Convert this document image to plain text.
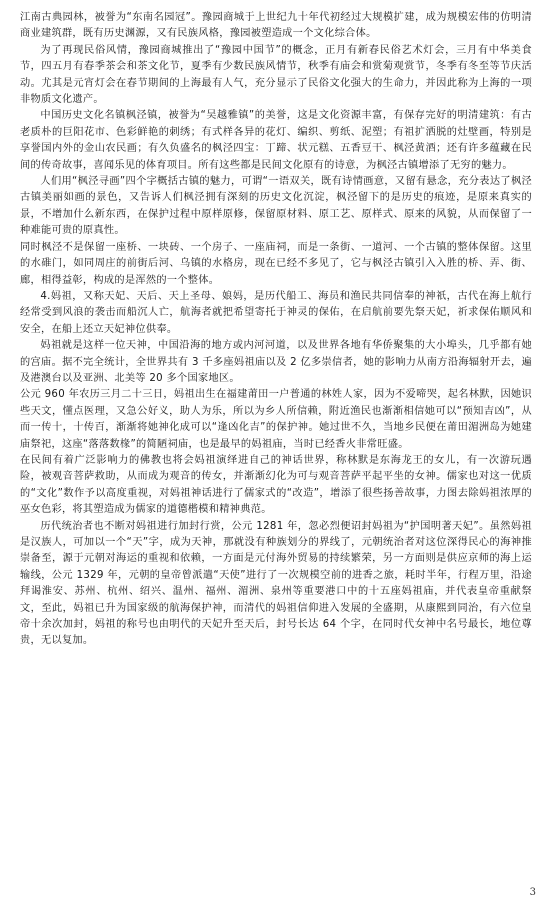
江南古典园林，被誉为“东南名园冠”。豫园商城于上世纪九十年代初经过大规模扩建，成为规模宏伟的仿明清商业建筑群，既有历史渊源，又有民族风格，豫园被塑造成一个文化综合体。

为了再现民俗风情，豫园商城推出了“豫园中国节”的概念，正月有新春民俗艺术灯会，三月有中华美食节，四五月有春季茶会和茶文化节，夏季有少数民族风情节，秋季有庙会和赏菊观赏节，冬季有冬至等节庆活动。尤其是元宵灯会在春节期间的上海最有人气，充分显示了民俗文化强大的生命力，并因此称为上海的一项非物质文化遗产。

中国历史文化名镇枫泾镇，被誉为“吴越雅镇”的美誉，这是文化资源丰富，有保存完好的明清建筑：有古老质朴的巨阳花市、色彩鲜艳的刺绣；有式样各异的花灯、编织、剪纸、泥塑；有祖扩洒脱的灶壁画，特别是享誉国内外的金山农民画；有久负盛名的枫泾四宝：丁蹄、状元糕、五香豆干、枫泾黄酒；还有许多蕴藏在民间的传奇故事，喜闻乐见的体育项目。所有这些都是民间文化原有的诗意，为枫泾古镇增添了无穷的魅力。

人们用“枫泾寻画”四个字概括古镇的魅力，可谓“一语双关，既有诗情画意，又留有悬念，充分表达了枫泾古镇美丽如画的景色，又告诉人们枫泾拥有深刻的历史文化沉淀，枫泾留下的是历史的痕迹，是原来真实的景，不增加什么新东西，在保护过程中原样原修，保留原材料、原工艺、原样式、原来的风貌，从而保留了一种难能可贵的原真性。

同时枫泾不是保留一座桥、一块砖、一个房子、一座庙祠，而是一条街、一道河、一个古镇的整体保留。这里的水碓门，如同周庄的前街后河、乌镇的水格房，现在已经不多见了，它与枫泾古镇引入入胜的桥、弄、街、廊，相得益彰，构成的是浑然的一个整体。

4.妈祖，又称天妃、天后、天上圣母、娘妈，是历代船工、海员和渔民共同信奉的神祇，古代在海上航行经常受到风浪的袭击而船沉人亡，航海者就把希望寄托于神灵的保佑，在启航前要先祭天妃，祈求保佑顺风和安全，在船上还立天妃神位供奉。

妈祖就是这样一位天神，中国沿海的地方或内河河道，以及世界各地有华侨聚集的大小埠头，几乎都有她的宫庙。据不完全统计，全世界共有 3 千多座妈祖庙以及 2 亿多崇信者，她的影响力从南方沿海辐射开去，遍及港澳台以及亚洲、北美等 20 多个国家地区。

公元 960 年农历三月二十三日，妈祖出生在福建莆田一户普通的林姓人家，因为不爱啼哭，起名林默，因她识些天文，懂点医理，又急公好义，助人为乐，所以为乡人所信赖，附近渔民也渐渐相信她可以“预知吉凶”，从而一传十，十传百，渐渐将她神化成可以“逢凶化吉”的保护神。她过世不久，当地乡民便在莆田湄洲岛为她建庙祭祀，这座“落落数椽”的简陋祠庙，也是最早的妈祖庙，当时已经香火非常旺盛。

在民间有着广泛影响力的佛教也将会妈祖演绎进自己的神话世界，称林默是东海龙王的女儿，有一次游玩遇险，被观音菩萨救助，从而成为观音的传女，并渐渐幻化为可与观音菩萨平起平坐的女神。儒家也对这一优质的“文化”数作予以高度重视，对妈祖神话进行了儒家式的“改造”，增添了很些扬善故事，力图去除妈祖浓厚的巫女色彩，将其塑造成为儒家的道德楷模和精神典范。

历代统治者也不断对妈祖进行加封行赏，公元 1281 年，忽必烈便诏封妈祖为“护国明著天妃”。虽然妈祖是汉族人，可加以一个“天”字，成为天神，那就没有种族划分的界线了，元朝统治者对这位深得民心的海神推崇备至，源于元朝对海运的重视和依赖，一方面是元付海外贸易的持续繁荣，另一方面则是供应京师的海上运输线，公元 1329 年，元朝的皇帝曾派遣“天使”进行了一次规模空前的进香之旅，耗时半年，行程万里，沿途拜谒淮安、苏州、杭州、绍兴、温州、福州、湄洲、泉州等重要港口中的十五座妈祖庙，并代表皇帝重献祭文，至此，妈祖已升为国家级的航海保护神，而清代的妈祖信仰进入发展的全盛期，从康熙到同治，有六位皇帝十余次加封，妈祖的称号也由明代的天妃升至天后，封号长达 64 个字，在同时代女神中名号最长，地位尊贵，无以复加。

3
